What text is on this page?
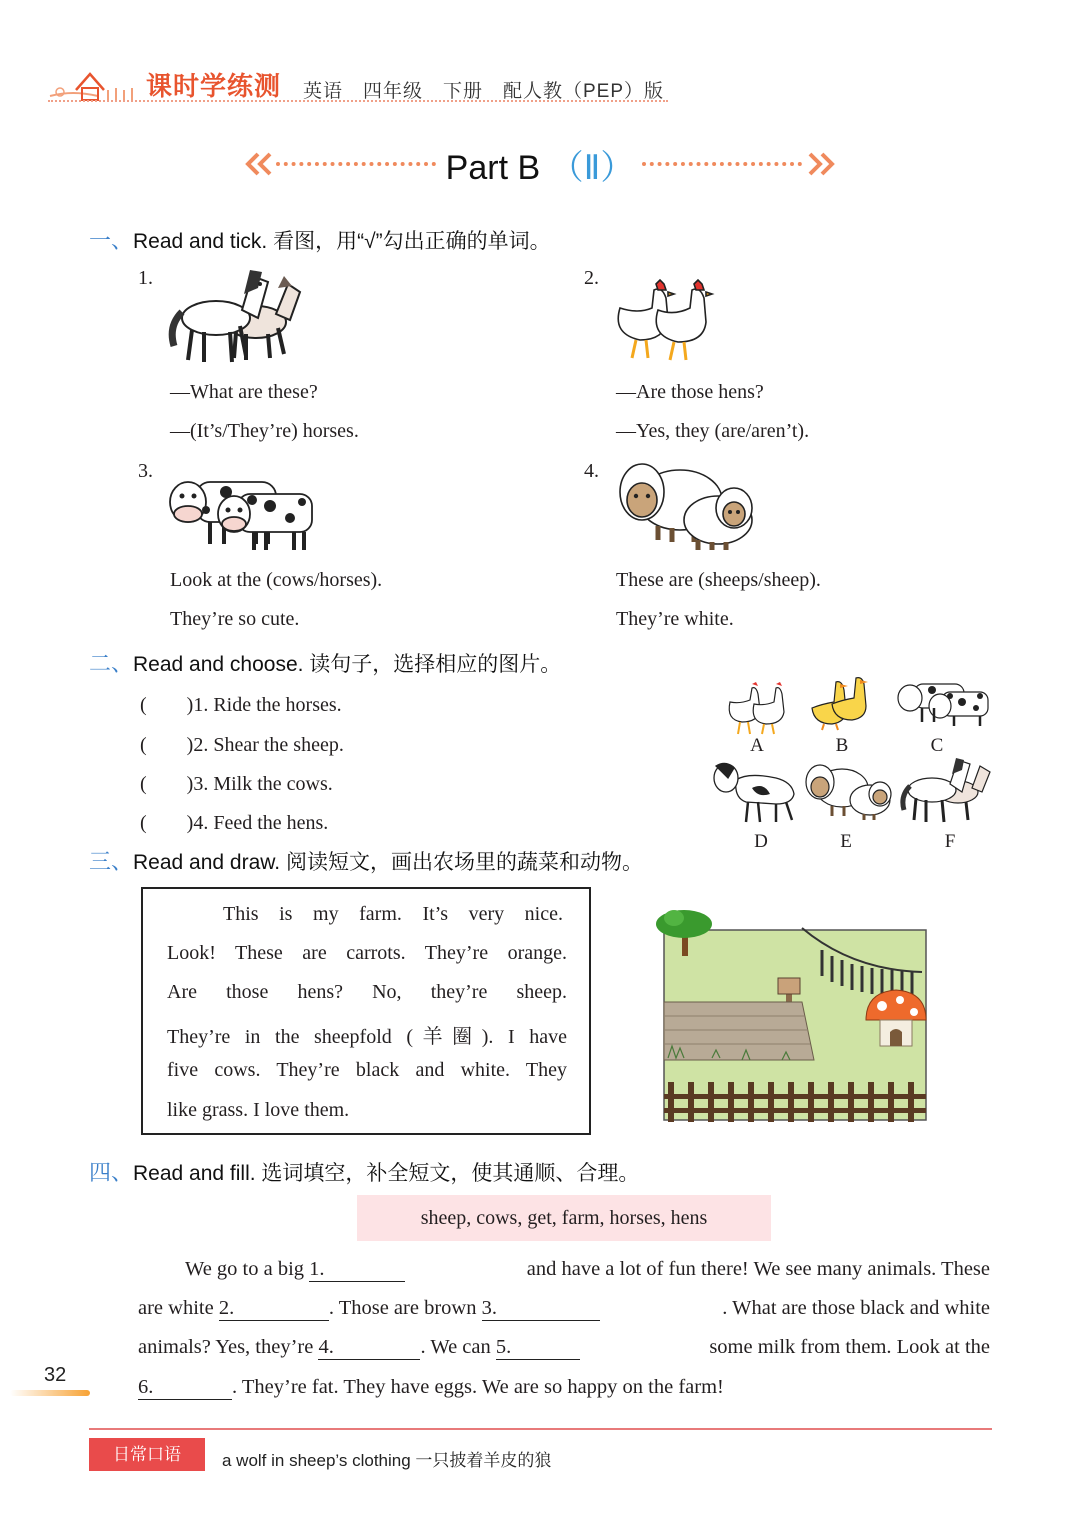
课时学练测 英语　四年级　下册　配人教（PEP）版
Part B （Ⅱ）
一、Read and tick. 看图，用“√”勾出正确的单词。
1.
—What are these?
—(It’s/They’re) horses.
2.
—Are those hens?
—Yes, they (are/aren’t).
3.
Look at the (cows/horses).
They’re so cute.
4.
These are (sheeps/sheep).
They’re white.
二、Read and choose. 读句子，选择相应的图片。
(　　)1. Ride the horses.
(　　)2. Shear the sheep.
(　　)3. Milk the cows.
(　　)4. Feed the hens.
A	B	C
D	E	F
三、Read and draw. 阅读短文，画出农场里的蔬菜和动物。

This is my farm. It’s very nice.

Look! These are carrots. They’re orange.

Are those hens? No, they’re sheep.

They’re in the sheepfold (羊圈). I have

five cows. They’re black and white. They

like grass. I love them.

四、Read and fill. 选词填空，补全短文，使其通顺、合理。
sheep, cows, get, farm, horses, hens
We go to a big 1.	and have a lot of fun there! We see many animals. These
are white 2.	. Those are brown 3.	. What are those black and white
animals? Yes, they’re 4.	. We can 5.	some milk from them. Look at the
6.	. They’re fat. They have eggs. We are so happy on the farm!
32
日常口语	a wolf in sheep’s clothing 一只披着羊皮的狼
